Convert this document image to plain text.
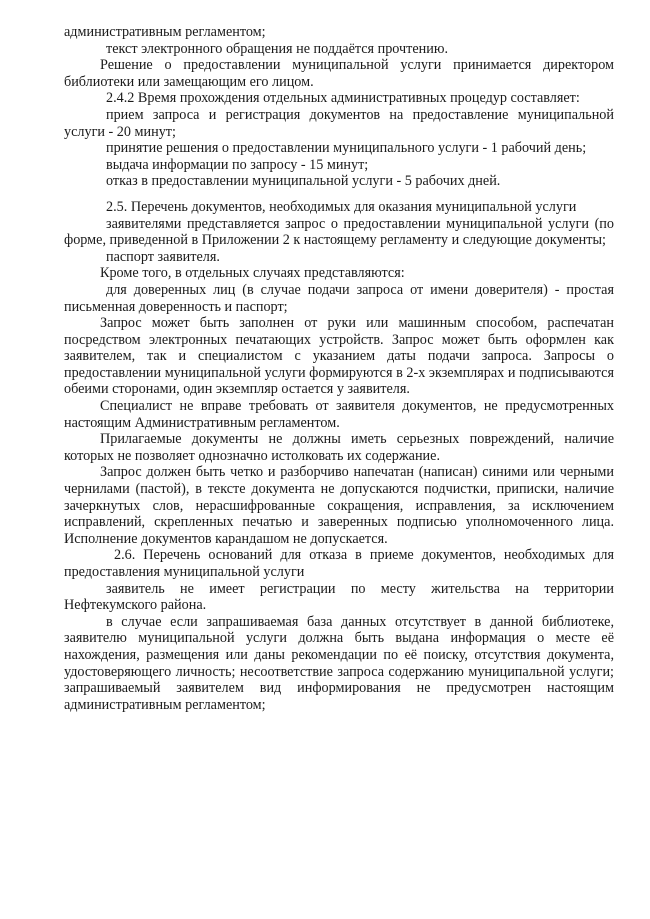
административным регламентом;

текст электронного обращения не поддаётся прочтению.

Решение о предоставлении муниципальной услуги принимается директором библиотеки или замещающим его лицом.

2.4.2 Время прохождения отдельных административных процедур составляет:

прием запроса и регистрация документов на предоставление муниципальной услуги - 20 минут;

принятие решения о предоставлении муниципального услуги - 1 рабочий день;

выдача информации по запросу - 15 минут;

отказ в предоставлении муниципальной услуги - 5 рабочих дней.

2.5. Перечень документов, необходимых для оказания муниципальной услуги

заявителями представляется запрос о предоставлении муниципальной услуги (по форме, приведенной в Приложении 2 к настоящему регламенту и следующие документы;

паспорт заявителя.

Кроме того, в отдельных случаях представляются:

для доверенных лиц (в случае подачи запроса от имени доверителя) - простая письменная доверенность и паспорт;

Запрос может быть заполнен от руки или машинным способом, распечатан посредством электронных печатающих устройств. Запрос может быть оформлен как заявителем, так и специалистом с указанием даты подачи запроса. Запросы о предоставлении муниципальной услуги формируются в 2-х экземплярах и подписываются обеими сторонами, один экземпляр остается у заявителя.

Специалист не вправе требовать от заявителя документов, не предусмотренных настоящим Административным регламентом.

Прилагаемые документы не должны иметь серьезных повреждений, наличие которых не позволяет однозначно истолковать их содержание.

Запрос должен быть четко и разборчиво напечатан (написан) синими или черными чернилами (пастой), в тексте документа не допускаются подчистки, приписки, наличие зачеркнутых слов, нерасшифрованные сокращения, исправления, за исключением исправлений, скрепленных печатью и заверенных подписью уполномоченного лица. Исполнение документов карандашом не допускается.

2.6. Перечень оснований для отказа в приеме документов, необходимых для предоставления муниципальной услуги

заявитель не имеет регистрации по месту жительства на территории Нефтекумского района.

в случае если запрашиваемая база данных отсутствует в данной библиотеке, заявителю муниципальной услуги должна быть выдана информация о месте её нахождения, размещения или даны рекомендации по её поиску, отсутствия документа, удостоверяющего личность; несоответствие запроса содержанию муниципальной услуги; запрашиваемый заявителем вид информирования не предусмотрен настоящим административным регламентом;
